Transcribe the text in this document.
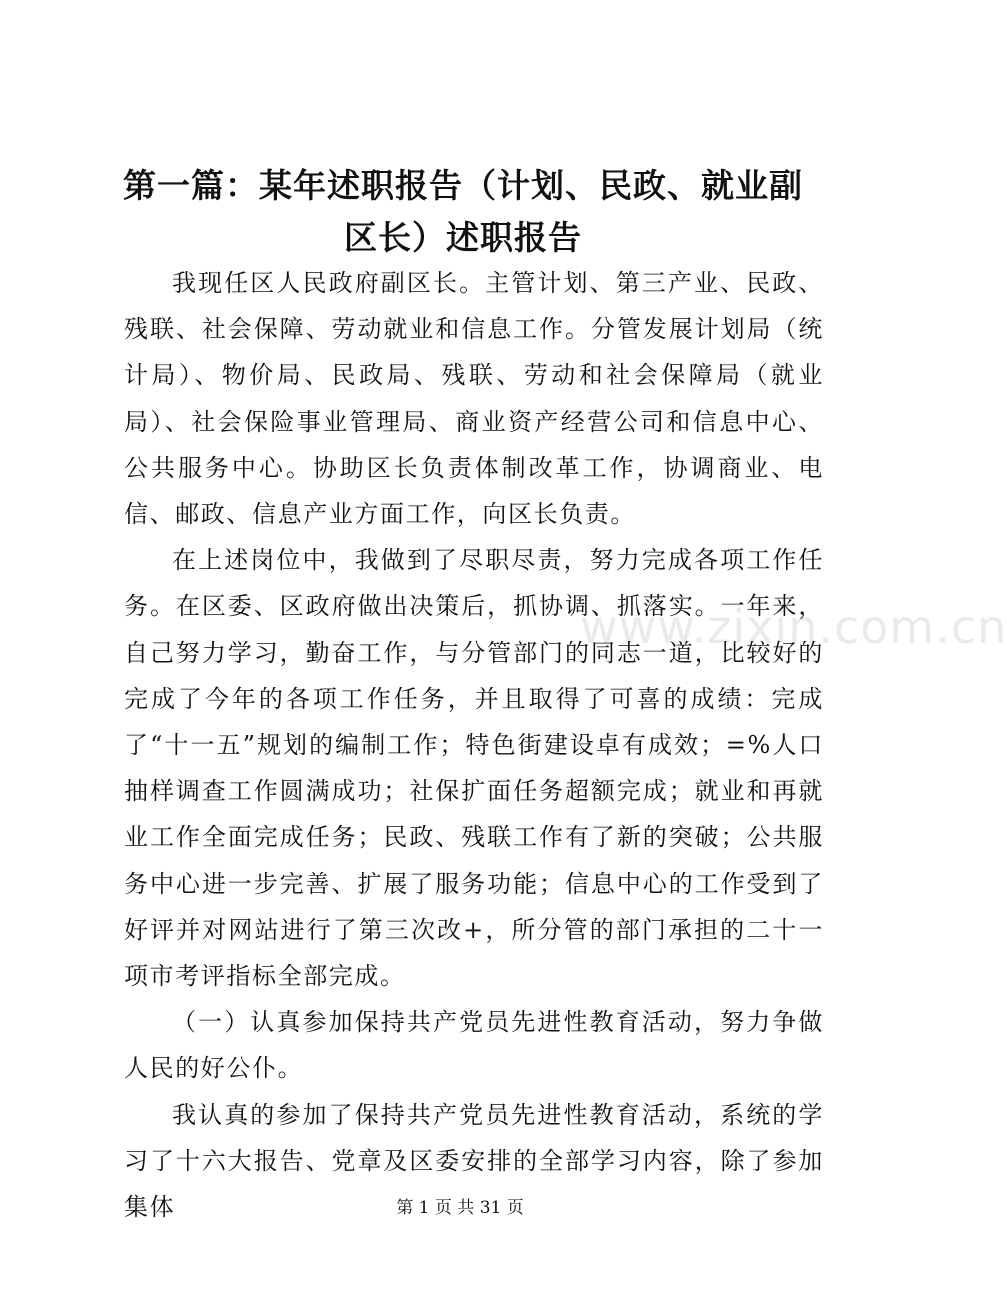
www.zixin.com.cn
第一篇：某年述职报告（计划、民政、就业副区长）述职报告

我现任区人民政府副区长。主管计划、第三产业、民政、残联、社会保障、劳动就业和信息工作。分管发展计划局（统计局）、物价局、民政局、残联、劳动和社会保障局（就业局）、社会保险事业管理局、商业资产经营公司和信息中心、公共服务中心。协助区长负责体制改革工作，协调商业、电信、邮政、信息产业方面工作，向区长负责。

在上述岗位中，我做到了尽职尽责，努力完成各项工作任务。在区委、区政府做出决策后，抓协调、抓落实。一年来，自己努力学习，勤奋工作，与分管部门的同志一道，比较好的完成了今年的各项工作任务，并且取得了可喜的成绩：完成了“十一五”规划的编制工作；特色街建设卓有成效；=%人口抽样调查工作圆满成功；社保扩面任务超额完成；就业和再就业工作全面完成任务；民政、残联工作有了新的突破；公共服务中心进一步完善、扩展了服务功能；信息中心的工作受到了好评并对网站进行了第三次改+，所分管的部门承担的二十一项市考评指标全部完成。

（一）认真参加保持共产党员先进性教育活动，努力争做人民的好公仆。

我认真的参加了保持共产党员先进性教育活动，系统的学习了十六大报告、党章及区委安排的全部学习内容，除了参加集体	第 1 页 共 31 页
